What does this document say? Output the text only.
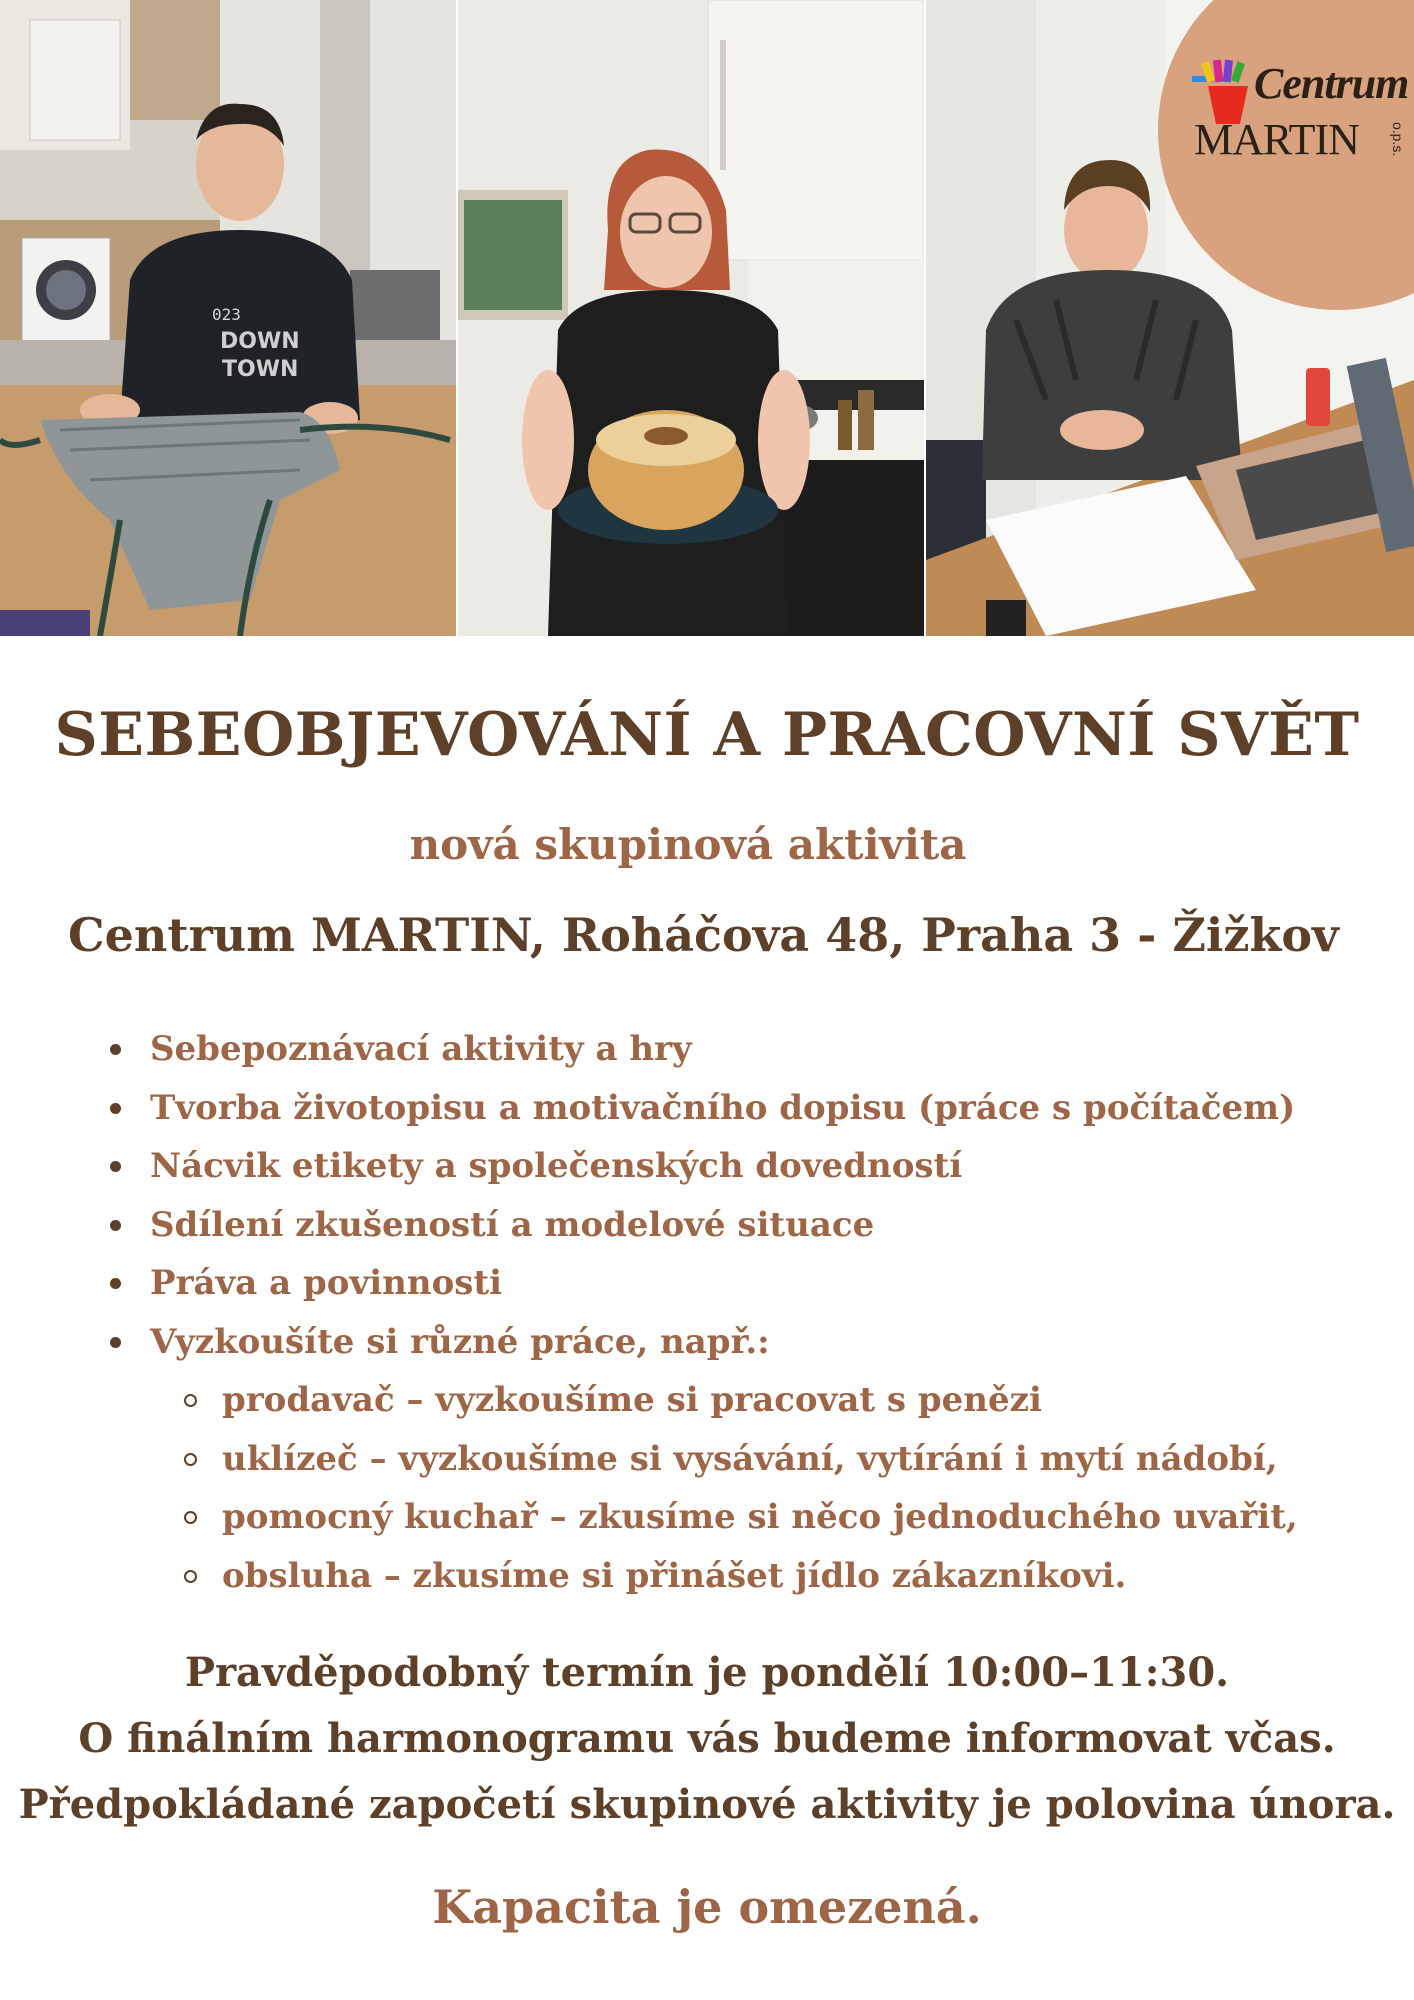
023
DOWN
TOWN
Centrum
MARTIN o.p.s.
SEBEOBJEVOVÁNÍ A PRACOVNÍ SVĚT
nová skupinová aktivita
Centrum MARTIN, Roháčova 48, Praha 3 - Žižkov
Sebepoznávací aktivity a hry
Tvorba životopisu a motivačního dopisu (práce s počítačem)
Nácvik etikety a společenských dovedností
Sdílení zkušeností a modelové situace
Práva a povinnosti
Vyzkoušíte si různé práce, např.:
prodavač – vyzkoušíme si pracovat s penězi
uklízeč – vyzkoušíme si vysávání, vytírání i mytí nádobí,
pomocný kuchař – zkusíme si něco jednoduchého uvařit,
obsluha – zkusíme si přinášet jídlo zákazníkovi.
Pravděpodobný termín je pondělí 10:00–11:30.
O finálním harmonogramu vás budeme informovat včas.
Předpokládané započetí skupinové aktivity je polovina února.
Kapacita je omezená.
